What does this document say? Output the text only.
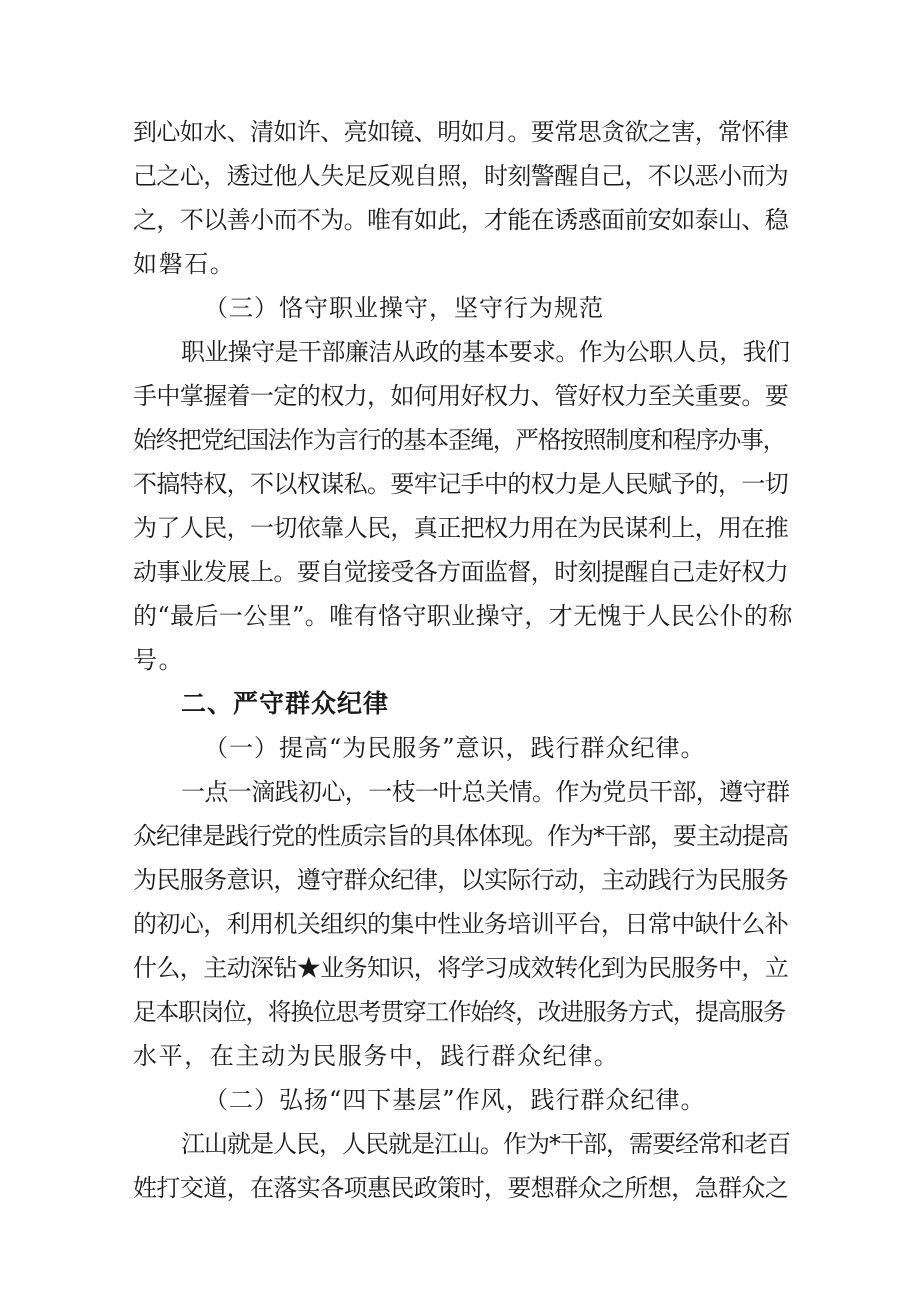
到心如水、清如许、亮如镜、明如月。要常思贪欲之害，常怀律
己之心，透过他人失足反观自照，时刻警醒自己，不以恶小而为
之，不以善小而不为。唯有如此，才能在诱惑面前安如泰山、稳
如磐石。
（三）恪守职业操守，坚守行为规范
职业操守是干部廉洁从政的基本要求。作为公职人员，我们
手中掌握着一定的权力，如何用好权力、管好权力至关重要。要
始终把党纪国法作为言行的基本歪绳，严格按照制度和程序办事，
不搞特权，不以权谋私。要牢记手中的权力是人民赋予的，一切
为了人民，一切依靠人民，真正把权力用在为民谋利上，用在推
动事业发展上。要自觉接受各方面监督，时刻提醒自己走好权力
的“最后一公里”。唯有恪守职业操守，才无愧于人民公仆的称
号。
二、严守群众纪律
（一）提高“为民服务”意识，践行群众纪律。
一点一滴践初心，一枝一叶总关情。作为党员干部，遵守群
众纪律是践行党的性质宗旨的具体体现。作为*干部，要主动提高
为民服务意识，遵守群众纪律，以实际行动，主动践行为民服务
的初心，利用机关组织的集中性业务培训平台，日常中缺什么补
什么，主动深钻★业务知识，将学习成效转化到为民服务中，立
足本职岗位，将换位思考贯穿工作始终，改进服务方式，提高服务
水平，在主动为民服务中，践行群众纪律。
（二）弘扬“四下基层”作风，践行群众纪律。
江山就是人民，人民就是江山。作为*干部，需要经常和老百
姓打交道，在落实各项惠民政策时，要想群众之所想，急群众之
